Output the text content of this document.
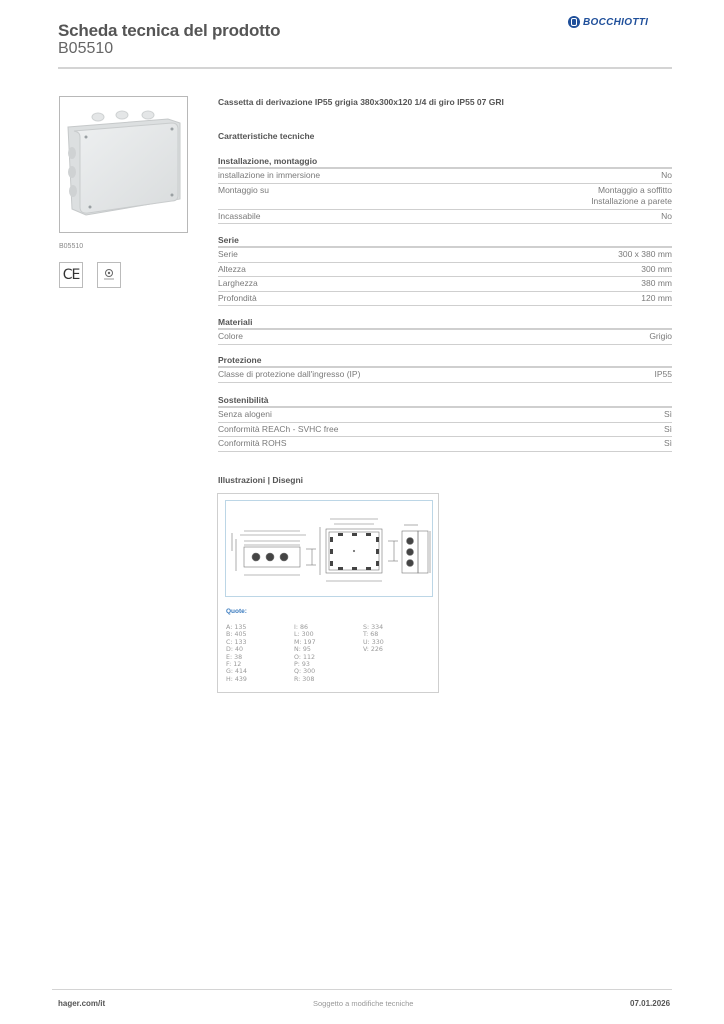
Scheda tecnica del prodotto
B05510
BOCCHIOTTI
B05510
CE
Cassetta di derivazione IP55 grigia 380x300x120 1/4 di giro IP55 07 GRI
Caratteristiche tecniche
Installazione, montaggio
installazione in immersione	No
Montaggio su	Montaggio a soffitto
Installazione a parete
Incassabile	No
Serie
Serie	300 x 380 mm
Altezza	300 mm
Larghezza	380 mm
Profondità	120 mm
Materiali
Colore	Grigio
Protezione
Classe di protezione dall'ingresso (IP)	IP55
Sostenibilità
Senza alogeni	Sì
Conformità REACh - SVHC free	Sì
Conformità ROHS	Sì
Illustrazioni | Disegni
Quote:
A: 135
B: 405
C: 133
D: 40
E: 38
F: 12
G: 414
H: 439
I: 86
L: 300
M: 197
N: 95
O: 112
P: 93
Q: 300
R: 308
S: 334
T: 68
U: 330
V: 226
hager.com/it	Soggetto a modifiche tecniche	07.01.2026
